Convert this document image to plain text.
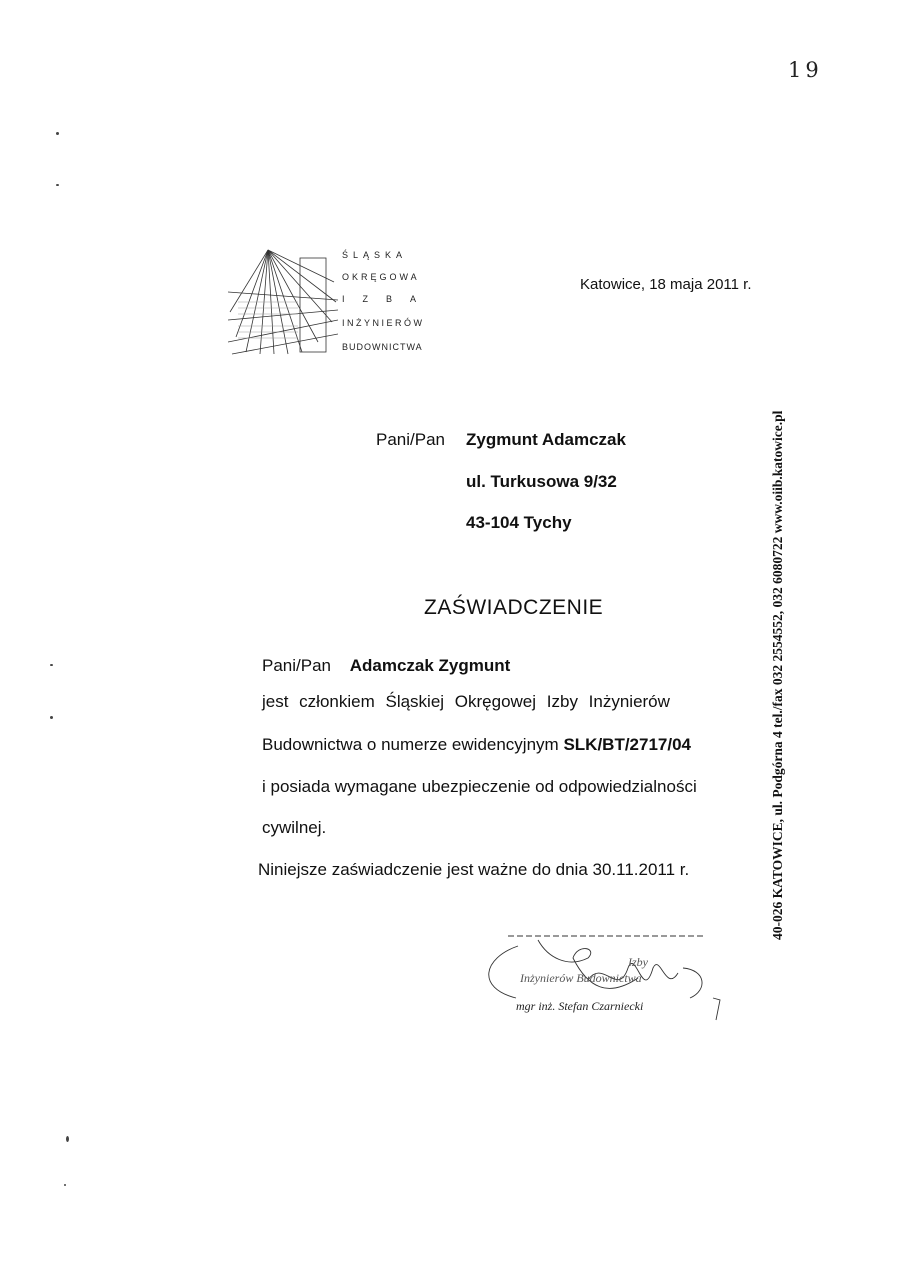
19
ŚLĄSKA
OKRĘGOWA
IZBA
INŻYNIERÓW
BUDOWNICTWA
Katowice, 18 maja 2011 r.
Pani/Pan Zygmunt Adamczak
ul. Turkusowa 9/32
43-104 Tychy
ZAŚWIADCZENIE
Pani/Pan Adamczak Zygmunt
jest członkiem Śląskiej Okręgowej Izby Inżynierów
Budownictwa o numerze ewidencyjnym SLK/BT/2717/04
i posiada wymagane ubezpieczenie od odpowiedzialności
cywilnej.
Niniejsze zaświadczenie jest ważne do dnia 30.11.2011 r.	40-026 KATOWICE, ul. Podgórna 4 tel./fax 032 2554552, 032 6080722 www.oiib.katowice.pl
Inżynierów Budownictwa
Izby
mgr inż. Stefan Czarniecki
